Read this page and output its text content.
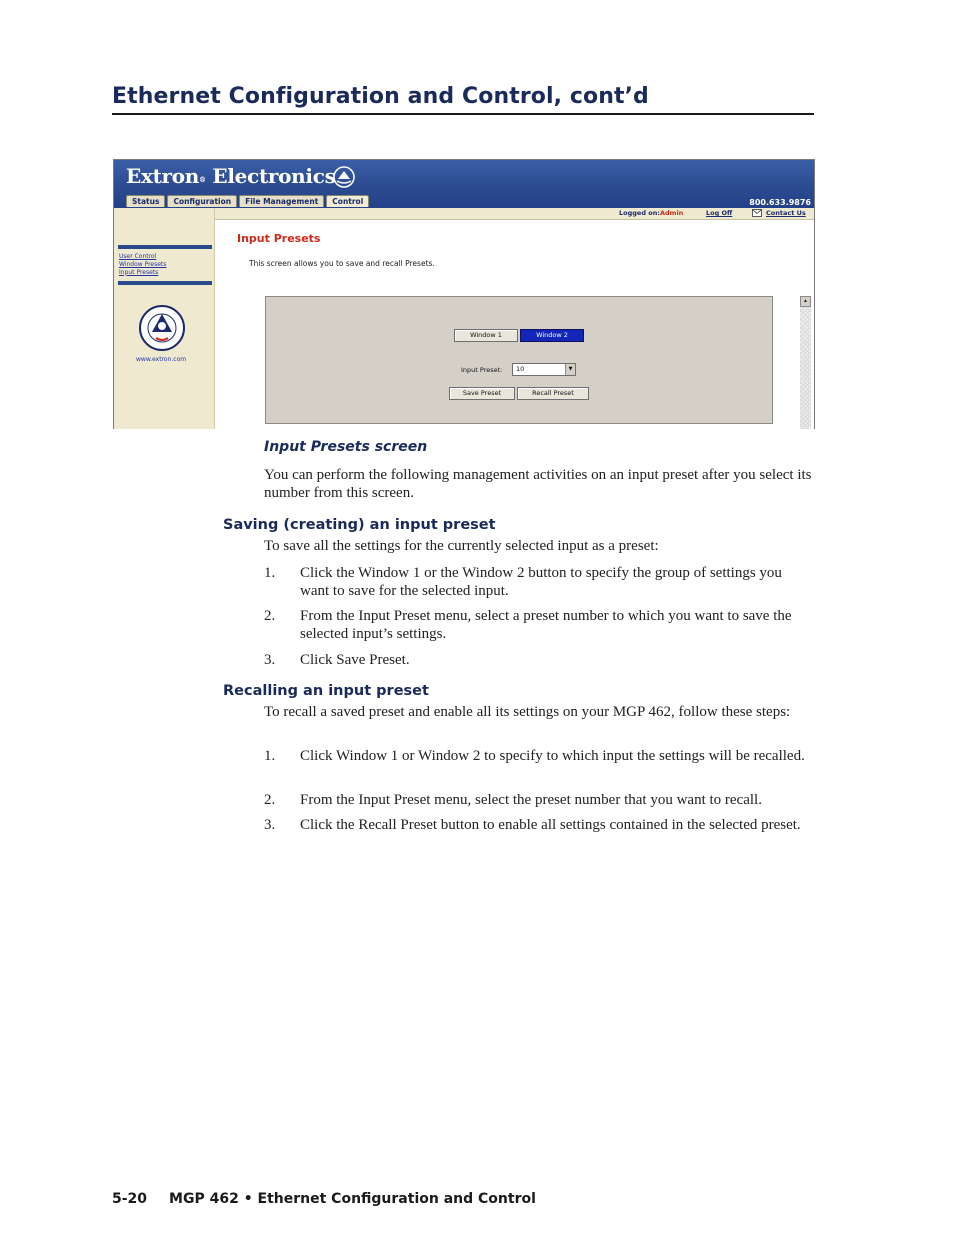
Ethernet Configuration and Control, cont’d
Extron® Electronics
800.633.9876
Status	Configuration	File Management	Control
Logged on: Admin	Log Off	Contact Us
User Control
Window Presets
Input Presets
www.extron.com
Input Presets
This screen allows you to save and recall Presets.
Window 1	Window 2
Input Preset: 10	▼
Save Preset	Recall Preset
▲
Input Presets screen
You can perform the following management activities on an input preset after you select its number from this screen.
Saving (creating) an input preset
To save all the settings for the currently selected input as a preset:
1. Click the Window 1 or the Window 2 button to specify the group of settings you want to save for the selected input.
2. From the Input Preset menu, select a preset number to which you want to save the selected input’s settings.
3. Click Save Preset.
Recalling an input preset
To recall a saved preset and enable all its settings on your MGP 462, follow these steps:
1. Click Window 1 or Window 2 to specify to which input the settings will be recalled.
2. From the Input Preset menu, select the preset number that you want to recall.
3. Click the Recall Preset button to enable all settings contained in the selected preset.
5-20 MGP 462 • Ethernet Configuration and Control
